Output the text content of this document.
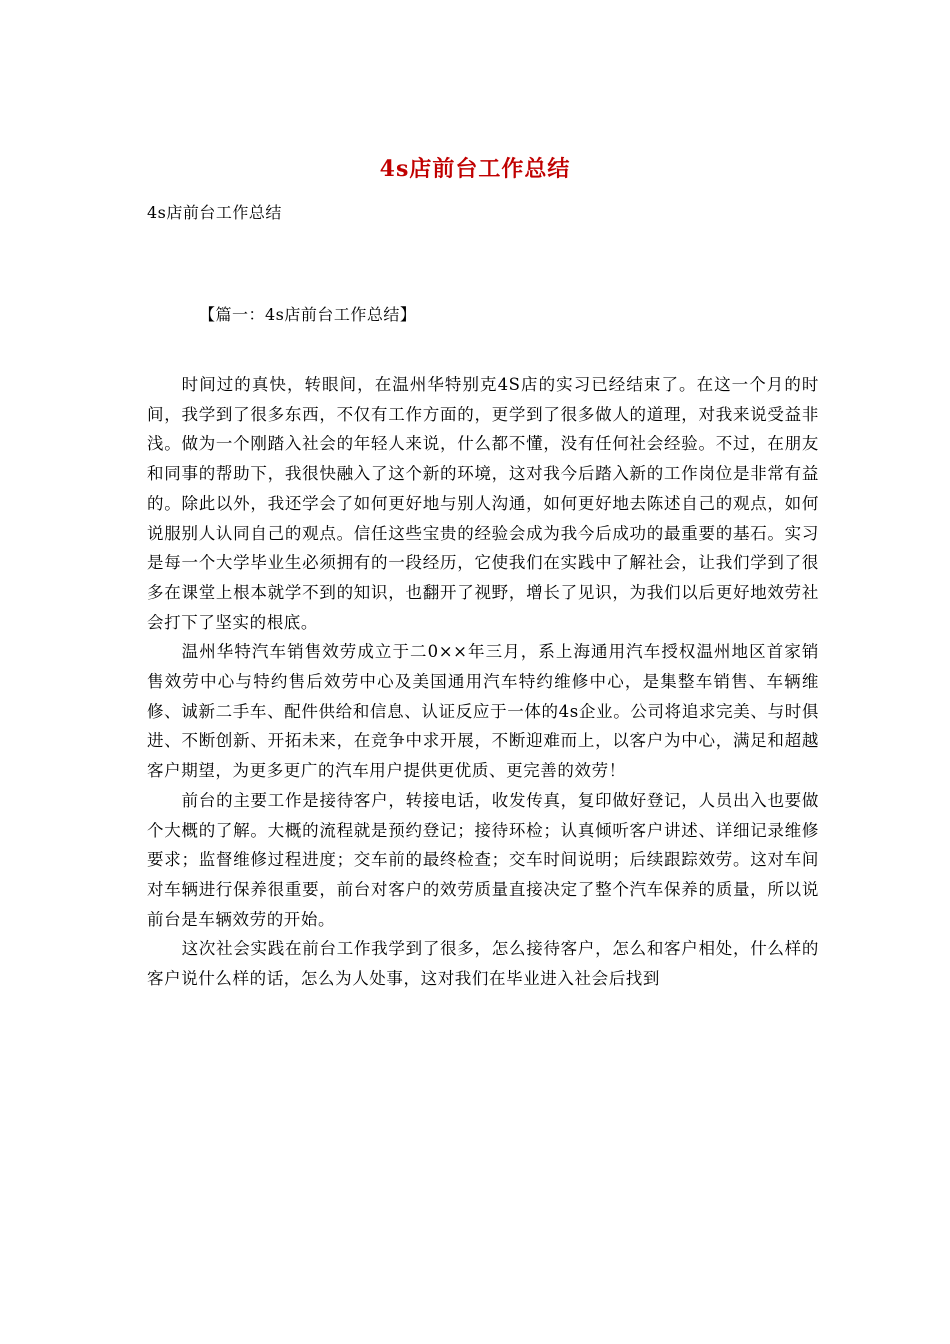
4s店前台工作总结
4s店前台工作总结
【篇一：4s店前台工作总结】

时间过的真快，转眼间，在温州华特别克4S店的实习已经结束了。在这一个月的时间，我学到了很多东西，不仅有工作方面的，更学到了很多做人的道理，对我来说受益非浅。做为一个刚踏入社会的年轻人来说，什么都不懂，没有任何社会经验。不过，在朋友和同事的帮助下，我很快融入了这个新的环境，这对我今后踏入新的工作岗位是非常有益的。除此以外，我还学会了如何更好地与别人沟通，如何更好地去陈述自己的观点，如何说服别人认同自己的观点。信任这些宝贵的经验会成为我今后成功的最重要的基石。实习是每一个大学毕业生必须拥有的一段经历，它使我们在实践中了解社会，让我们学到了很多在课堂上根本就学不到的知识，也翻开了视野，增长了见识，为我们以后更好地效劳社会打下了坚实的根底。

温州华特汽车销售效劳成立于二0××年三月，系上海通用汽车授权温州地区首家销售效劳中心与特约售后效劳中心及美国通用汽车特约维修中心，是集整车销售、车辆维修、诚新二手车、配件供给和信息、认证反应于一体的4s企业。公司将追求完美、与时俱进、不断创新、开拓未来，在竞争中求开展，不断迎难而上，以客户为中心，满足和超越客户期望，为更多更广的汽车用户提供更优质、更完善的效劳！

前台的主要工作是接待客户，转接电话，收发传真，复印做好登记，人员出入也要做个大概的了解。大概的流程就是预约登记；接待环检；认真倾听客户讲述、详细记录维修要求；监督维修过程进度；交车前的最终检查；交车时间说明；后续跟踪效劳。这对车间对车辆进行保养很重要，前台对客户的效劳质量直接决定了整个汽车保养的质量，所以说前台是车辆效劳的开始。

这次社会实践在前台工作我学到了很多，怎么接待客户，怎么和客户相处，什么样的客户说什么样的话，怎么为人处事，这对我们在毕业进入社会后找到
